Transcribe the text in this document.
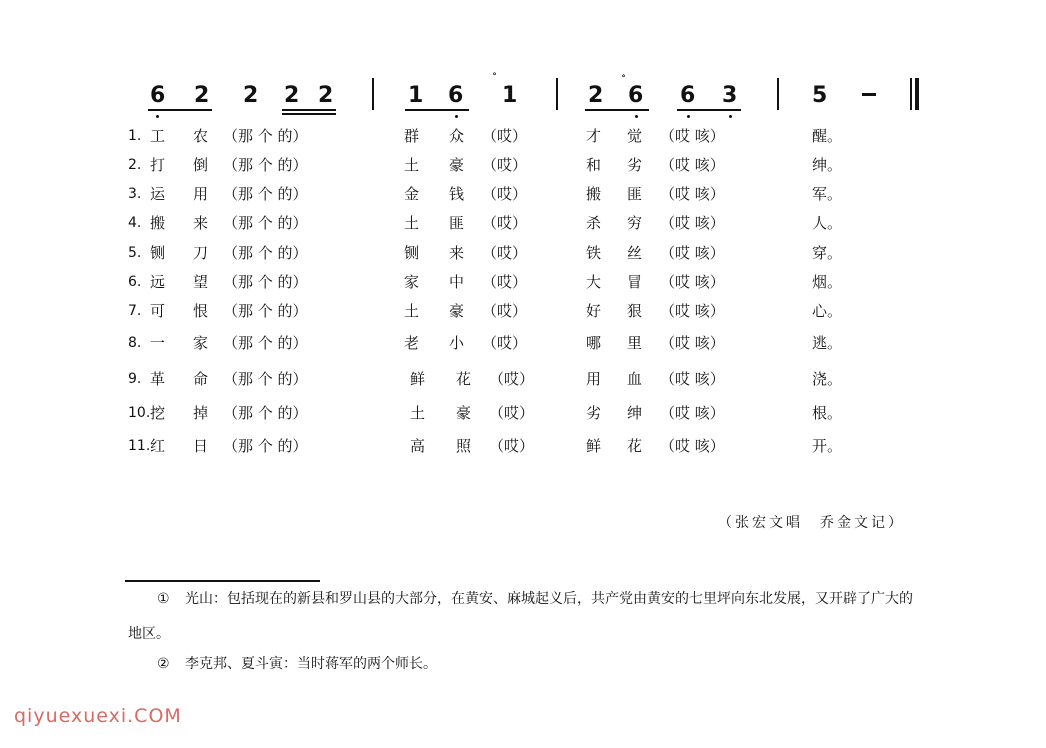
6 2 2 2 2	1 6
˚
1	2
˚
6 6 3	5
1. 工 农 （那 个 的）	群 众 （哎）	才 觉 （哎 咳）	醒。
2. 打 倒 （那 个 的）	土 豪 （哎）	和 劣 （哎 咳）	绅。
3. 运 用 （那 个 的）	金 钱 （哎）	搬 匪 （哎 咳）	军。
4. 搬 来 （那 个 的）	土 匪 （哎）	杀 穷 （哎 咳）	人。
5. 铡 刀 （那 个 的）	铡 来 （哎）	铁 丝 （哎 咳）	穿。
6. 远 望 （那 个 的）	家 中 （哎）	大 冒 （哎 咳）	烟。
7. 可 恨 （那 个 的）	土 豪 （哎）	好 狠 （哎 咳）	心。
8. 一 家 （那 个 的）	老 小 （哎）	哪 里 （哎 咳）	逃。
9. 革 命 （那 个 的）	鲜 花 （哎）	用 血 （哎 咳）	浇。
10. 挖 掉 （那 个 的）	土 豪 （哎）	劣 绅 （哎 咳）	根。
11. 红 日 （那 个 的）	高 照 （哎）	鲜 花 （哎 咳）	开。
（张宏文唱　乔金文记）
① 光山：包括现在的新县和罗山县的大部分，在黄安、麻城起义后，共产党由黄安的七里坪向东北发展，又开辟了广大的
地区。
② 李克邦、夏斗寅：当时蒋军的两个师长。
qiyuexuexi.COM
